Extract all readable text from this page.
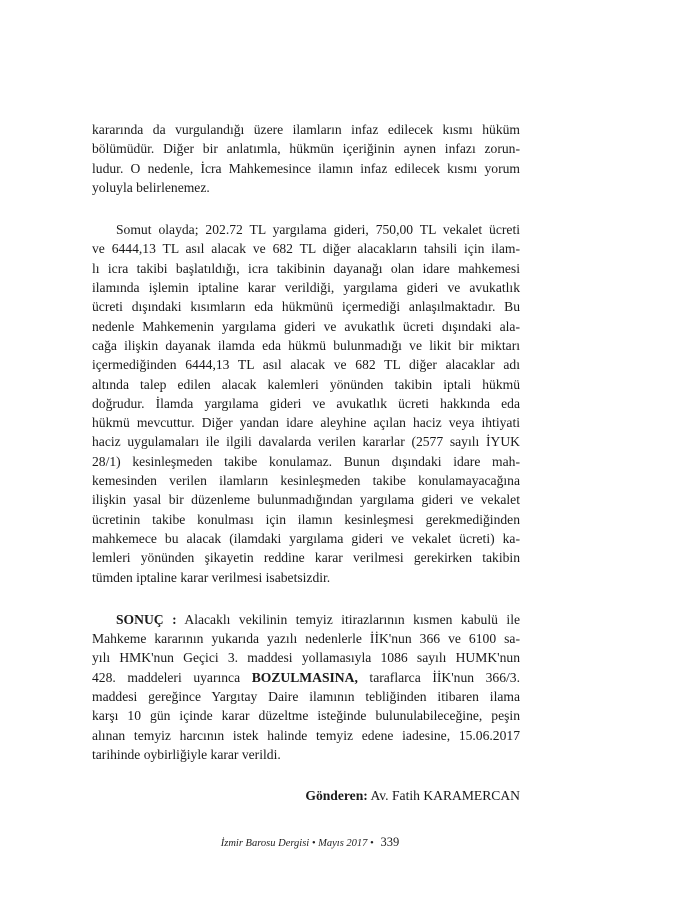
kararında da vurgulandığı üzere ilamların infaz edilecek kısmı hüküm
bölümüdür. Diğer bir anlatımla, hükmün içeriğinin aynen infazı zorun-
ludur. O nedenle, İcra Mahkemesince ilamın infaz edilecek kısmı yorum
yoluyla belirlenemez.

Somut olayda; 202.72 TL yargılama gideri, 750,00 TL vekalet ücreti
ve 6444,13 TL asıl alacak ve 682 TL diğer alacakların tahsili için ilam-
lı icra takibi başlatıldığı, icra takibinin dayanağı olan idare mahkemesi
ilamında işlemin iptaline karar verildiği, yargılama gideri ve avukatlık
ücreti dışındaki kısımların eda hükmünü içermediği anlaşılmaktadır. Bu
nedenle Mahkemenin yargılama gideri ve avukatlık ücreti dışındaki ala-
cağa ilişkin dayanak ilamda eda hükmü bulunmadığı ve likit bir miktarı
içermediğinden 6444,13 TL asıl alacak ve 682 TL diğer alacaklar adı
altında talep edilen alacak kalemleri yönünden takibin iptali hükmü
doğrudur. İlamda yargılama gideri ve avukatlık ücreti hakkında eda
hükmü mevcuttur. Diğer yandan idare aleyhine açılan haciz veya ihtiyati
haciz uygulamaları ile ilgili davalarda verilen kararlar (2577 sayılı İYUK
28/1) kesinleşmeden takibe konulamaz. Bunun dışındaki idare mah-
kemesinden verilen ilamların kesinleşmeden takibe konulamayacağına
ilişkin yasal bir düzenleme bulunmadığından yargılama gideri ve vekalet
ücretinin takibe konulması için ilamın kesinleşmesi gerekmediğinden
mahkemece bu alacak (ilamdaki yargılama gideri ve vekalet ücreti) ka-
lemleri yönünden şikayetin reddine karar verilmesi gerekirken takibin
tümden iptaline karar verilmesi isabetsizdir.

SONUÇ : Alacaklı vekilinin temyiz itirazlarının kısmen kabulü ile
Mahkeme kararının yukarıda yazılı nedenlerle İİK'nun 366 ve 6100 sa-
yılı HMK'nun Geçici 3. maddesi yollamasıyla 1086 sayılı HUMK'nun
428. maddeleri uyarınca BOZULMASINA, taraflarca İİK'nun 366/3.
maddesi gereğince Yargıtay Daire ilamının tebliğinden itibaren ilama
karşı 10 gün içinde karar düzeltme isteğinde bulunulabileceğine, peşin
alınan temyiz harcının istek halinde temyiz edene iadesine, 15.06.2017
tarihinde oybirliğiyle karar verildi.

Gönderen: Av. Fatih KARAMERCAN
İzmir Barosu Dergisi • Mayıs 2017 • 339
